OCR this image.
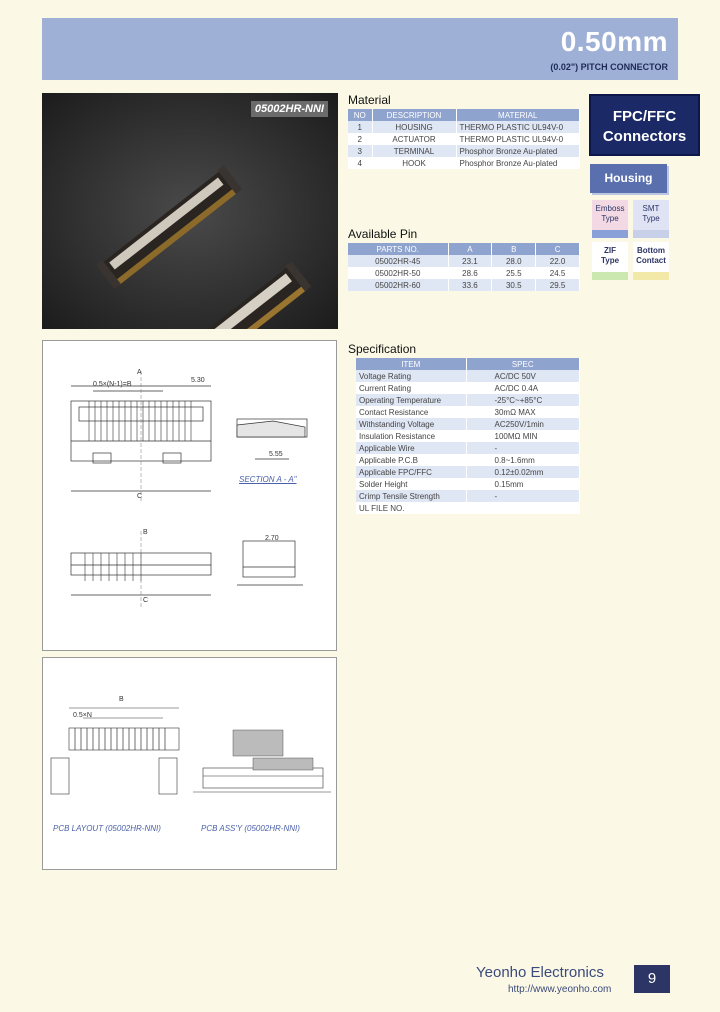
0.50mm
(0.02") PITCH CONNECTOR
05002HR-NNI	FPC/FFC
Connectors
Housing
Emboss
Type
SMT
Type
ZIF
Type
Bottom
Contact
Material
NO	DESCRIPTION	MATERIAL
1	HOUSING	THERMO PLASTIC UL94V-0
2	ACTUATOR	THERMO PLASTIC UL94V-0
3	TERMINAL	Phosphor Bronze Au-plated
4	HOOK	Phosphor Bronze Au-plated
Available Pin
PARTS NO.	A	B	C
05002HR-45	23.1	28.0	22.0
05002HR-50	28.6	25.5	24.5
05002HR-60	33.6	30.5	29.5
Specification
ITEM	SPEC
Voltage Rating	AC/DC 50V
Current Rating	AC/DC 0.4A
Operating Temperature	-25°C~+85°C
Contact Resistance	30mΩ MAX
Withstanding Voltage	AC250V/1min
Insulation Resistance	100MΩ MIN
Applicable Wire	-
Applicable P.C.B	0.8~1.6mm
Applicable FPC/FFC	0.12±0.02mm
Solder Height	0.15mm
Crimp Tensile Strength	-
UL FILE NO.	
0.5×(N-1)=B
A
C
5.30
SECTION A - A"
B
C
2.70
5.55
0.5×N
B
PCB LAYOUT (05002HR-NNI)	PCB ASS'Y (05002HR-NNI)
Yeonho Electronics
http://www.yeonho.com
9
